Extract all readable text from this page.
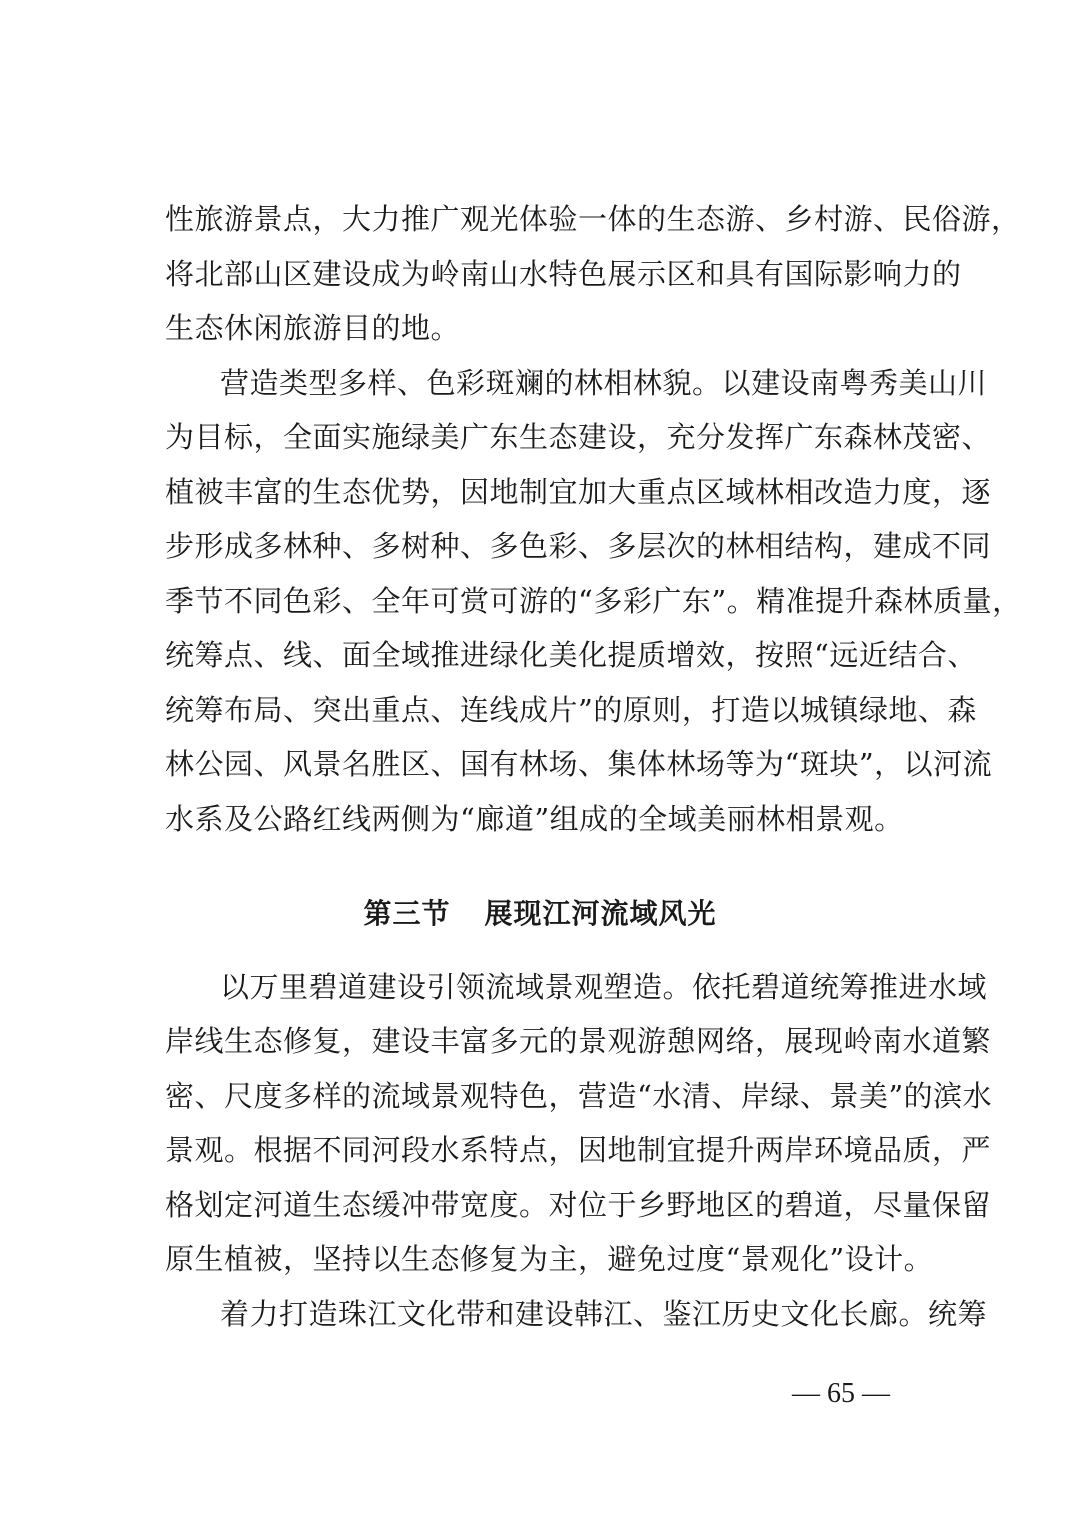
性旅游景点，大力推广观光体验一体的生态游、乡村游、民俗游，
将北部山区建设成为岭南山水特色展示区和具有国际影响力的
生态休闲旅游目的地。
营造类型多样、色彩斑斓的林相林貌。以建设南粤秀美山川
为目标，全面实施绿美广东生态建设，充分发挥广东森林茂密、
植被丰富的生态优势，因地制宜加大重点区域林相改造力度，逐
步形成多林种、多树种、多色彩、多层次的林相结构，建成不同
季节不同色彩、全年可赏可游的“多彩广东”。精准提升森林质量，
统筹点、线、面全域推进绿化美化提质增效，按照“远近结合、
统筹布局、突出重点、连线成片”的原则，打造以城镇绿地、森
林公园、风景名胜区、国有林场、集体林场等为“斑块”，以河流
水系及公路红线两侧为“廊道”组成的全域美丽林相景观。
第三节 展现江河流域风光
以万里碧道建设引领流域景观塑造。依托碧道统筹推进水域
岸线生态修复，建设丰富多元的景观游憩网络，展现岭南水道繁
密、尺度多样的流域景观特色，营造“水清、岸绿、景美”的滨水
景观。根据不同河段水系特点，因地制宜提升两岸环境品质，严
格划定河道生态缓冲带宽度。对位于乡野地区的碧道，尽量保留
原生植被，坚持以生态修复为主，避免过度“景观化”设计。
着力打造珠江文化带和建设韩江、鉴江历史文化长廊。统筹
— 65 —
